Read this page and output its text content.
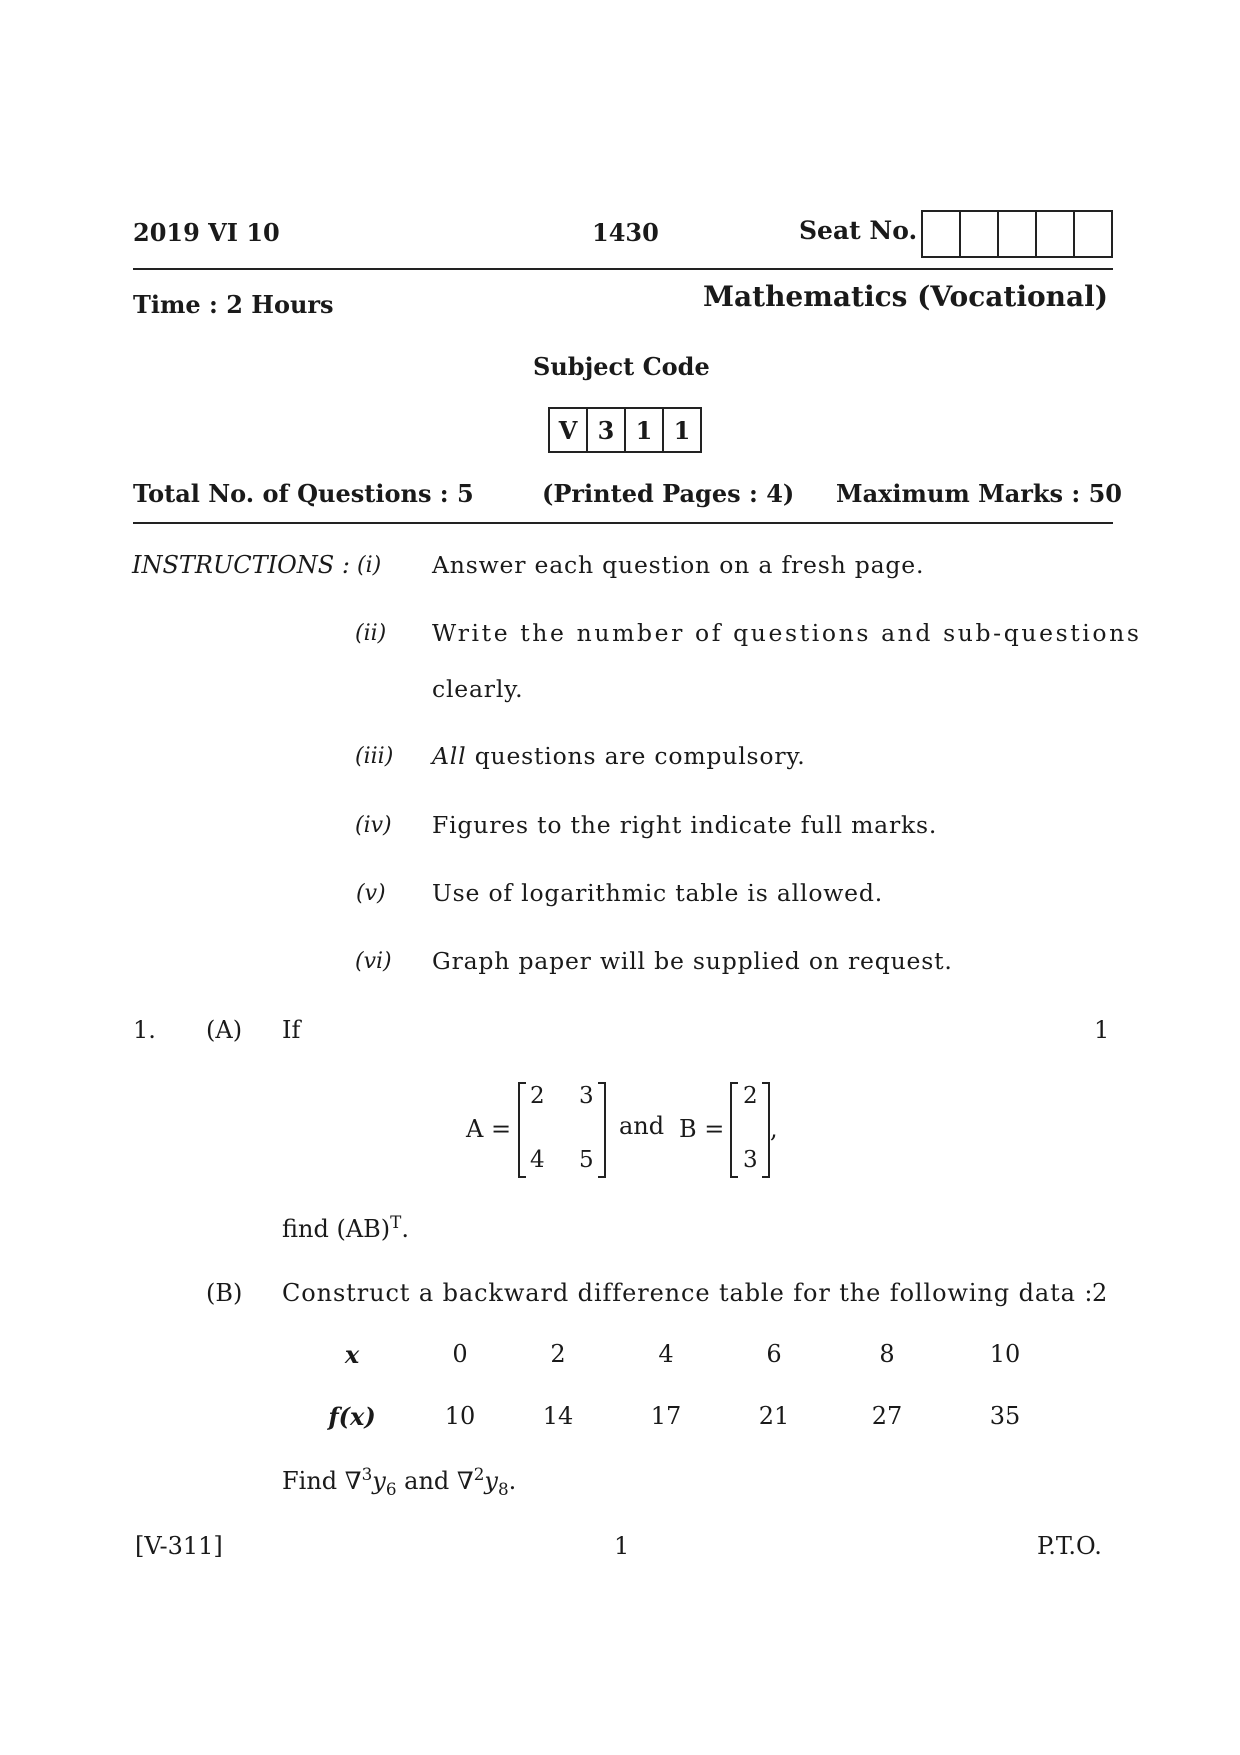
2019 VI 10	1430	Seat No.
Time : 2 Hours	Mathematics (Vocational)
Subject Code
V 3 1 1
Total No. of Questions : 5	(Printed Pages : 4) Maximum Marks : 50
INSTRUCTIONS : (i) Answer each question on a fresh page.
(ii) Write the number of questions and sub-questions
clearly.
(iii) All questions are compulsory.
(iv) Figures to the right indicate full marks.
(v) Use of logarithmic table is allowed.
(vi) Graph paper will be supplied on request.
1. (A) If	1
A =
2 3
4 5
and B =
2
3
,
find (AB)$^T$.
(B) Construct a backward difference table for the following data :
2
x	0	2	4	6	8	10
f(x)	10	14	17	21	27	35
Find $\nabla^3y_6$ and $\nabla^2y_8$.
[V-311]	1	P.T.O.
